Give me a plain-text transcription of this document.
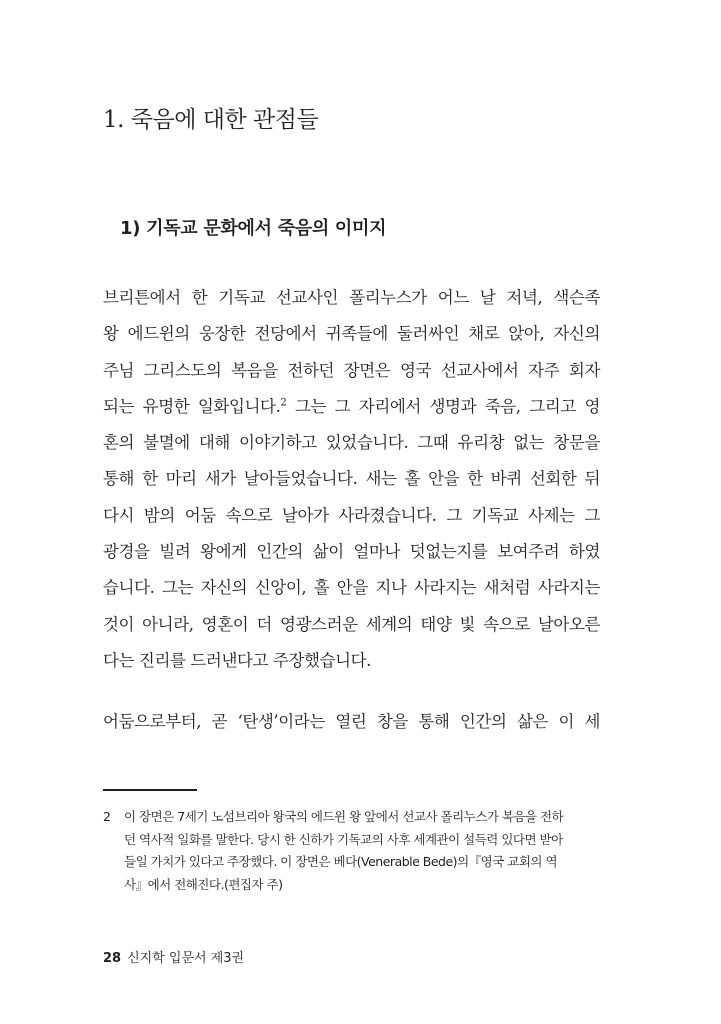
1. 죽음에 대한 관점들
1) 기독교 문화에서 죽음의 이미지
브리튼에서 한 기독교 선교사인 폴리누스가 어느 날 저녁, 색슨족
왕 에드윈의 웅장한 전당에서 귀족들에 둘러싸인 채로 앉아, 자신의
주님 그리스도의 복음을 전하던 장면은 영국 선교사에서 자주 회자
되는 유명한 일화입니다.$^2$ 그는 그 자리에서 생명과 죽음, 그리고 영
혼의 불멸에 대해 이야기하고 있었습니다. 그때 유리창 없는 창문을
통해 한 마리 새가 날아들었습니다. 새는 홀 안을 한 바퀴 선회한 뒤
다시 밤의 어둠 속으로 날아가 사라졌습니다. 그 기독교 사제는 그
광경을 빌려 왕에게 인간의 삶이 얼마나 덧없는지를 보여주려 하였
습니다. 그는 자신의 신앙이, 홀 안을 지나 사라지는 새처럼 사라지는
것이 아니라, 영혼이 더 영광스러운 세계의 태양 빛 속으로 날아오른
다는 진리를 드러낸다고 주장했습니다.
어둠으로부터, 곧 ‘탄생’이라는 열린 창을 통해 인간의 삶은 이 세
2 이 장면은 7세기 노섬브리아 왕국의 에드윈 왕 앞에서 선교사 폴리누스가 복음을 전하
던 역사적 일화를 말한다. 당시 한 신하가 기독교의 사후 세계관이 설득력 있다면 받아
들일 가치가 있다고 주장했다. 이 장면은 베다(Venerable Bede)의『영국 교회의 역
사』에서 전해진다.(편집자 주)
28 신지학 입문서 제3권
